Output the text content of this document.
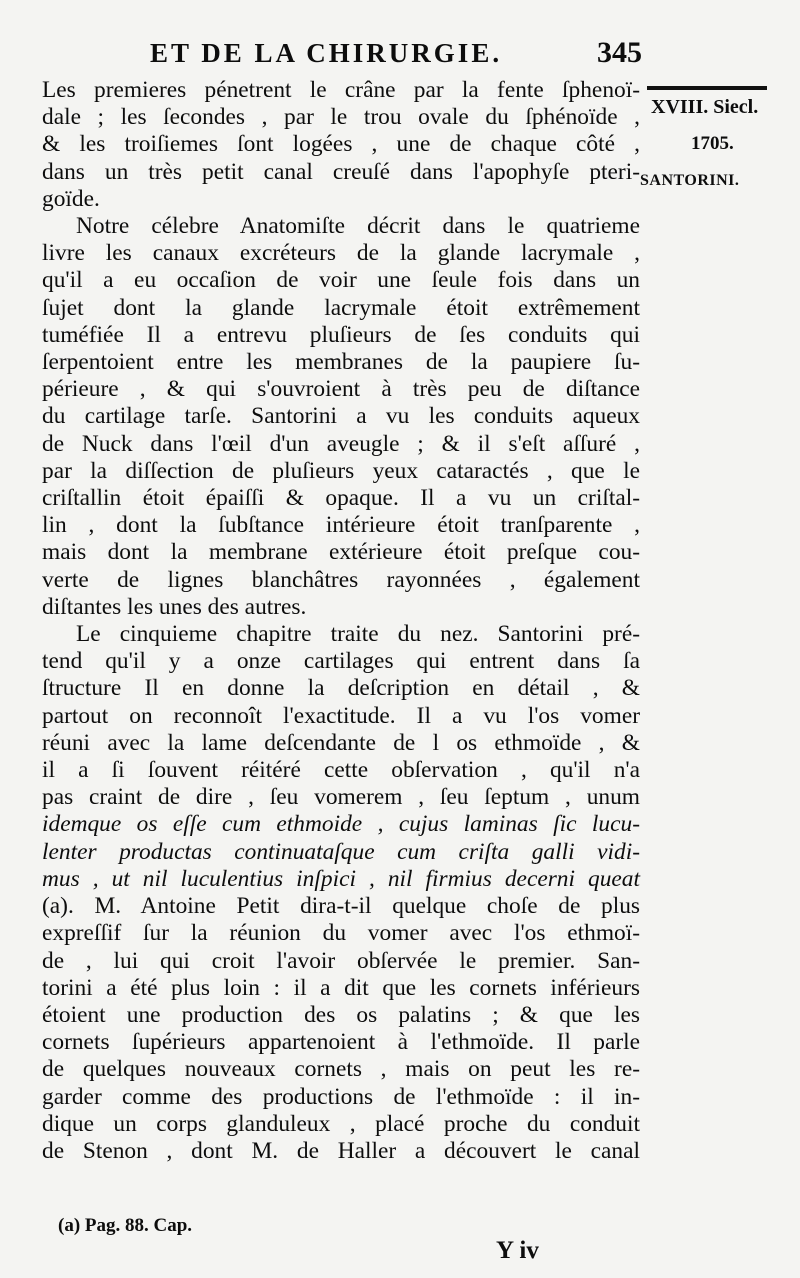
ET DE LA CHIRURGIE.	345
XVIII. Siecl.
1705.
SANTORINI.
Les premieres pénetrent le crâne par la fente ſphenoï-
dale ; les ſecondes , par le trou ovale du ſphénoïde ,
& les troiſiemes ſont logées , une de chaque côté ,
dans un très petit canal creuſé dans l'apophyſe pteri-
goïde.
Notre célebre Anatomiſte décrit dans le quatrieme
livre les canaux excréteurs de la glande lacrymale ,
qu'il a eu occaſion de voir une ſeule fois dans un
ſujet dont la glande lacrymale étoit extrêmement
tuméfiée Il a entrevu pluſieurs de ſes conduits qui
ſerpentoient entre les membranes de la paupiere ſu-
périeure , & qui s'ouvroient à très peu de diſtance
du cartilage tarſe. Santorini a vu les conduits aqueux
de Nuck dans l'œil d'un aveugle ; & il s'eſt aſſuré ,
par la diſſection de pluſieurs yeux cataractés , que le
criſtallin étoit épaiſſi & opaque. Il a vu un criſtal-
lin , dont la ſubſtance intérieure étoit tranſparente ,
mais dont la membrane extérieure étoit preſque cou-
verte de lignes blanchâtres rayonnées , également
diſtantes les unes des autres.
Le cinquieme chapitre traite du nez. Santorini pré-
tend qu'il y a onze cartilages qui entrent dans ſa
ſtructure Il en donne la deſcription en détail , &
partout on reconnoît l'exactitude. Il a vu l'os vomer
réuni avec la lame deſcendante de l os ethmoïde , &
il a ſi ſouvent réitéré cette obſervation , qu'il n'a
pas craint de dire , ſeu vomerem , ſeu ſeptum , unum
idemque os eſſe cum ethmoide , cujus laminas ſic lucu-
lenter productas continuataſque cum criſta galli vidi-
mus , ut nil luculentius inſpici , nil firmius decerni queat
(a). M. Antoine Petit dira-t-il quelque choſe de plus
expreſſif ſur la réunion du vomer avec l'os ethmoï-
de , lui qui croit l'avoir obſervée le premier. San-
torini a été plus loin : il a dit que les cornets inférieurs
étoient une production des os palatins ; & que les
cornets ſupérieurs appartenoient à l'ethmoïde. Il parle
de quelques nouveaux cornets , mais on peut les re-
garder comme des productions de l'ethmoïde : il in-
dique un corps glanduleux , placé proche du conduit
de Stenon , dont M. de Haller a découvert le canal
(a) Pag. 88. Cap.
Y iv
